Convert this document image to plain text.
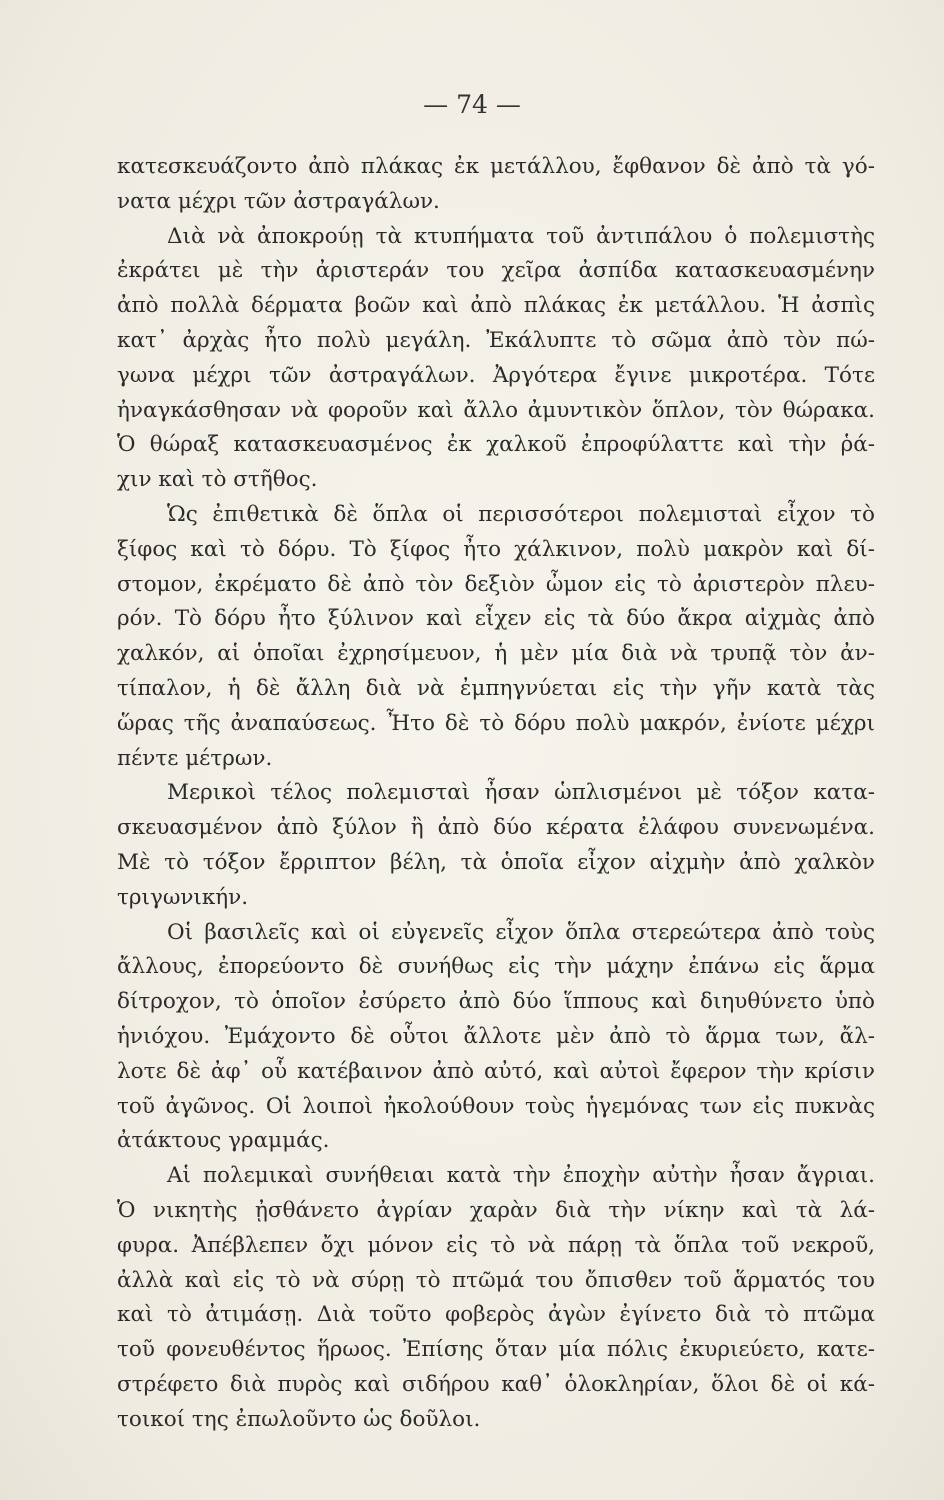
— 74 —
κατεσκευάζοντο ἀπὸ πλάκας ἐκ μετάλλου, ἔφθανον δὲ ἀπὸ τὰ γό-
νατα μέχρι τῶν ἀστραγάλων.
Διὰ νὰ ἀποκρούῃ τὰ κτυπήματα τοῦ ἀντιπάλου ὁ πολεμιστὴς
ἐκράτει μὲ τὴν ἀριστεράν του χεῖρα ἀσπίδα κατασκευασμένην
ἀπὸ πολλὰ δέρματα βοῶν καὶ ἀπὸ πλάκας ἐκ μετάλλου. Ἡ ἀσπὶς
κατ᾿ ἀρχὰς ἦτο πολὺ μεγάλη. Ἐκάλυπτε τὸ σῶμα ἀπὸ τὸν πώ-
γωνα μέχρι τῶν ἀστραγάλων. Ἀργότερα ἔγινε μικροτέρα. Τότε
ἠναγκάσθησαν νὰ φοροῦν καὶ ἄλλο ἀμυντικὸν ὅπλον, τὸν θώρακα.
Ὁ θώραξ κατασκευασμένος ἐκ χαλκοῦ ἐπροφύλαττε καὶ τὴν ῥά-
χιν καὶ τὸ στῆθος.
Ὡς ἐπιθετικὰ δὲ ὅπλα οἱ περισσότεροι πολεμισταὶ εἶχον τὸ
ξίφος καὶ τὸ δόρυ. Τὸ ξίφος ἦτο χάλκινον, πολὺ μακρὸν καὶ δί-
στομον, ἐκρέματο δὲ ἀπὸ τὸν δεξιὸν ὦμον εἰς τὸ ἀριστερὸν πλευ-
ρόν. Τὸ δόρυ ἦτο ξύλινον καὶ εἶχεν εἰς τὰ δύο ἄκρα αἰχμὰς ἀπὸ
χαλκόν, αἱ ὁποῖαι ἐχρησίμευον, ἡ μὲν μία διὰ νὰ τρυπᾷ τὸν ἀν-
τίπαλον, ἡ δὲ ἄλλη διὰ νὰ ἐμπηγνύεται εἰς τὴν γῆν κατὰ τὰς
ὥρας τῆς ἀναπαύσεως. Ἦτο δὲ τὸ δόρυ πολὺ μακρόν, ἐνίοτε μέχρι
πέντε μέτρων.
Μερικοὶ τέλος πολεμισταὶ ἦσαν ὡπλισμένοι μὲ τόξον κατα-
σκευασμένον ἀπὸ ξύλον ἢ ἀπὸ δύο κέρατα ἐλάφου συνενωμένα.
Μὲ τὸ τόξον ἔρριπτον βέλη, τὰ ὁποῖα εἶχον αἰχμὴν ἀπὸ χαλκὸν
τριγωνικήν.
Οἱ βασιλεῖς καὶ οἱ εὐγενεῖς εἶχον ὅπλα στερεώτερα ἀπὸ τοὺς
ἄλλους, ἐπορεύοντο δὲ συνήθως εἰς τὴν μάχην ἐπάνω εἰς ἅρμα
δίτροχον, τὸ ὁποῖον ἐσύρετο ἀπὸ δύο ἵππους καὶ διηυθύνετο ὑπὸ
ἡνιόχου. Ἐμάχοντο δὲ οὗτοι ἄλλοτε μὲν ἀπὸ τὸ ἅρμα των, ἄλ-
λοτε δὲ ἀφ᾿ οὗ κατέβαινον ἀπὸ αὐτό, καὶ αὐτοὶ ἔφερον τὴν κρίσιν
τοῦ ἀγῶνος. Οἱ λοιποὶ ἠκολούθουν τοὺς ἡγεμόνας των εἰς πυκνὰς
ἀτάκτους γραμμάς.
Αἱ πολεμικαὶ συνήθειαι κατὰ τὴν ἐποχὴν αὐτὴν ἦσαν ἄγριαι.
Ὁ νικητὴς ᾐσθάνετο ἀγρίαν χαρὰν διὰ τὴν νίκην καὶ τὰ λά-
φυρα. Ἀπέβλεπεν ὄχι μόνον εἰς τὸ νὰ πάρῃ τὰ ὅπλα τοῦ νεκροῦ,
ἀλλὰ καὶ εἰς τὸ νὰ σύρῃ τὸ πτῶμά του ὄπισθεν τοῦ ἅρματός του
καὶ τὸ ἀτιμάσῃ. Διὰ τοῦτο φοβερὸς ἀγὼν ἐγίνετο διὰ τὸ πτῶμα
τοῦ φονευθέντος ἥρωος. Ἐπίσης ὅταν μία πόλις ἐκυριεύετο, κατε-
στρέφετο διὰ πυρὸς καὶ σιδήρου καθ᾿ ὁλοκληρίαν, ὅλοι δὲ οἱ κά-
τοικοί της ἐπωλοῦντο ὡς δοῦλοι.
